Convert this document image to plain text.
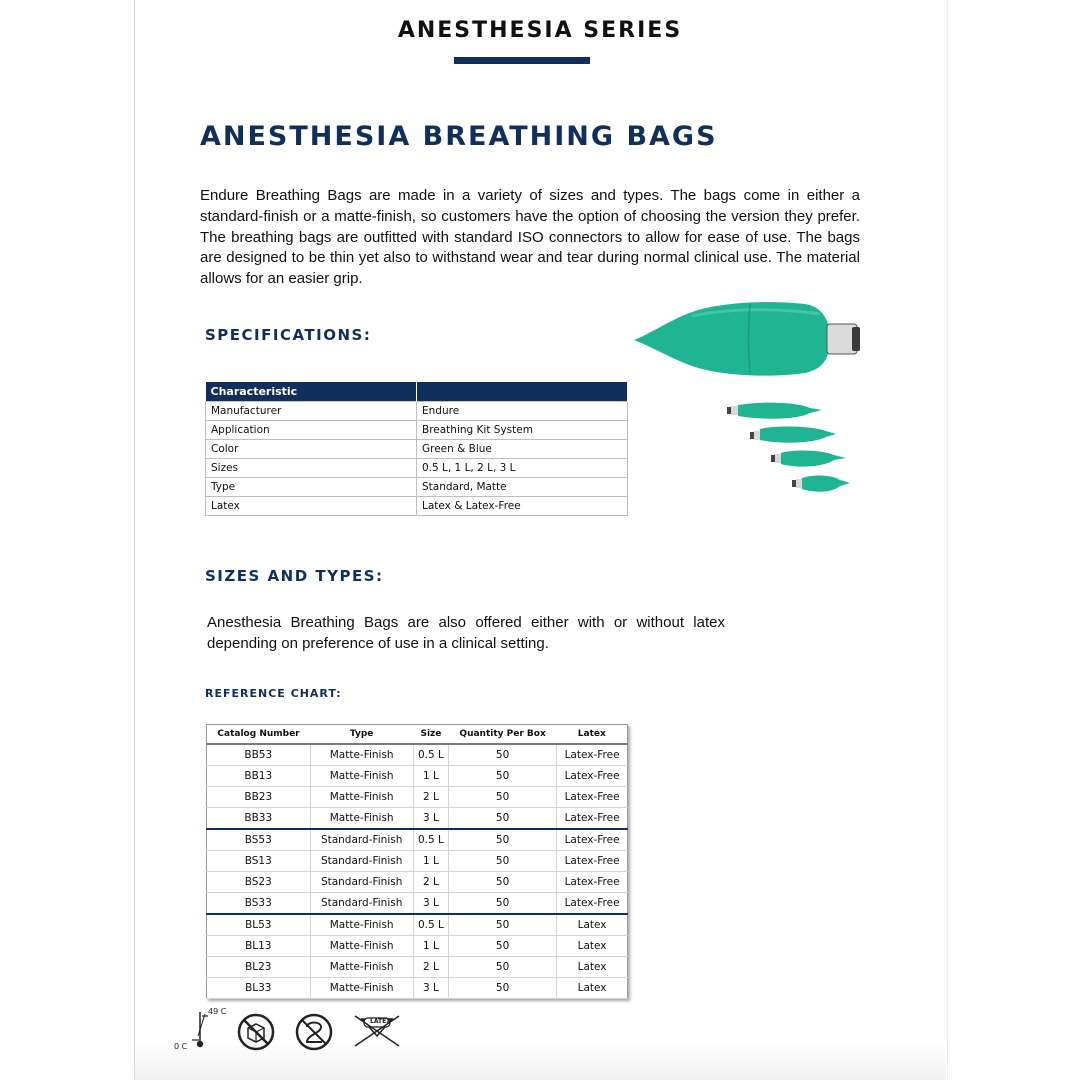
ANESTHESIA SERIES
ANESTHESIA BREATHING BAGS
Endure Breathing Bags are made in a variety of sizes and types. The bags come in either a standard-finish or a matte-finish, so customers have the option of choosing the version they prefer. The breathing bags are outfitted with standard ISO connectors to allow for ease of use. The bags are designed to be thin yet also to withstand wear and tear during normal clinical use. The material allows for an easier grip.
SPECIFICATIONS:
Characteristic	
Manufacturer	Endure
Application	Breathing Kit System
Color	Green & Blue
Sizes	0.5 L, 1 L, 2 L, 3 L
Type	Standard, Matte
Latex	Latex & Latex-Free
SIZES AND TYPES:
Anesthesia Breathing Bags are also offered either with or without latex depending on preference of use in a clinical setting.
REFERENCE CHART:
Catalog Number	Type	Size	Quantity Per Box	Latex
BB53	Matte-Finish	0.5 L	50	Latex-Free
BB13	Matte-Finish	1 L	50	Latex-Free
BB23	Matte-Finish	2 L	50	Latex-Free
BB33	Matte-Finish	3 L	50	Latex-Free
BS53	Standard-Finish	0.5 L	50	Latex-Free
BS13	Standard-Finish	1 L	50	Latex-Free
BS23	Standard-Finish	2 L	50	Latex-Free
BS33	Standard-Finish	3 L	50	Latex-Free
BL53	Matte-Finish	0.5 L	50	Latex
BL13	Matte-Finish	1 L	50	Latex
BL23	Matte-Finish	2 L	50	Latex
BL33	Matte-Finish	3 L	50	Latex
49 C
0 C
LATEX
